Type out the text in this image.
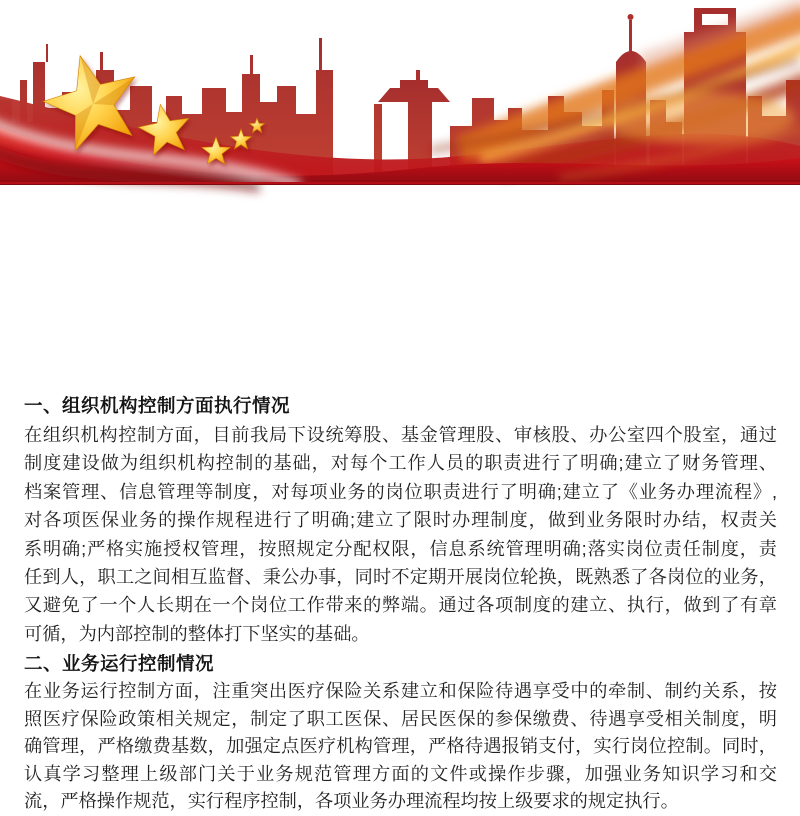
一、组织机构控制方面执行情况
在组织机构控制方面，目前我局下设统筹股、基金管理股、审核股、办公室四个股室，通过
制度建设做为组织机构控制的基础，对每个工作人员的职责进行了明确;建立了财务管理、
档案管理、信息管理等制度，对每项业务的岗位职责进行了明确;建立了《业务办理流程》,
对各项医保业务的操作规程进行了明确;建立了限时办理制度，做到业务限时办结，权责关
系明确;严格实施授权管理，按照规定分配权限，信息系统管理明确;落实岗位责任制度，责
任到人，职工之间相互监督、秉公办事，同时不定期开展岗位轮换，既熟悉了各岗位的业务，
又避免了一个人长期在一个岗位工作带来的弊端。通过各项制度的建立、执行，做到了有章
可循，为内部控制的整体打下坚实的基础。
二、业务运行控制情况
在业务运行控制方面，注重突出医疗保险关系建立和保险待遇享受中的牵制、制约关系，按
照医疗保险政策相关规定，制定了职工医保、居民医保的参保缴费、待遇享受相关制度，明
确管理，严格缴费基数，加强定点医疗机构管理，严格待遇报销支付，实行岗位控制。同时，
认真学习整理上级部门关于业务规范管理方面的文件或操作步骤，加强业务知识学习和交
流，严格操作规范，实行程序控制，各项业务办理流程均按上级要求的规定执行。
